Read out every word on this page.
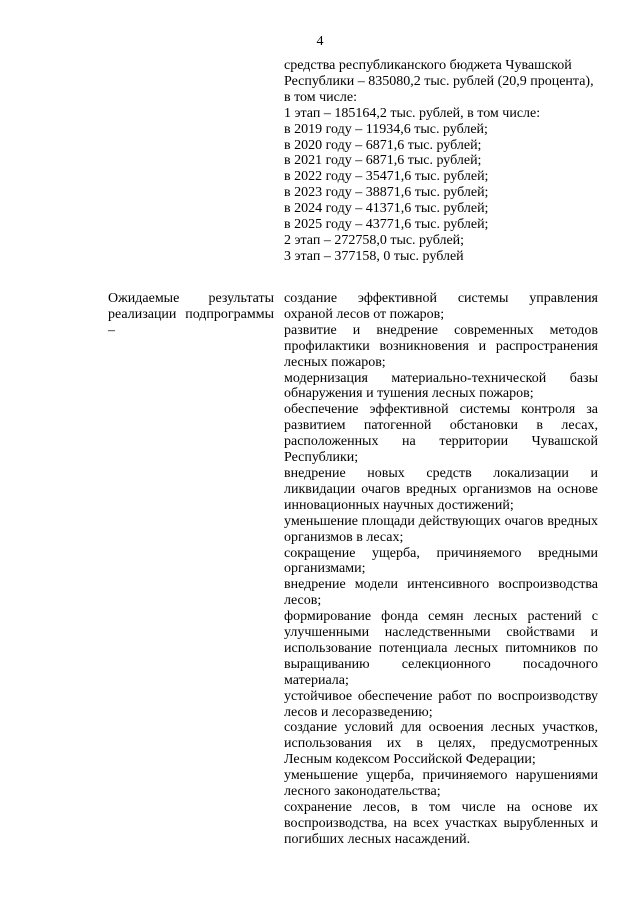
4
средства республиканского бюджета Чувашской
Республики – 835080,2 тыс. рублей (20,9 процента),
в том числе:
1 этап – 185164,2 тыс. рублей, в том числе:
в 2019 году – 11934,6 тыс. рублей;
в 2020 году – 6871,6 тыс. рублей;
в 2021 году – 6871,6 тыс. рублей;
в 2022 году – 35471,6 тыс. рублей;
в 2023 году – 38871,6 тыс. рублей;
в 2024 году – 41371,6 тыс. рублей;
в 2025 году – 43771,6 тыс. рублей;
2 этап – 272758,0 тыс. рублей;
3 этап – 377158, 0 тыс. рублей
Ожидаемые результаты реализации подпрограммы –
создание эффективной системы управления охраной лесов от пожаров;
развитие и внедрение современных методов профилактики возникновения и распространения лесных пожаров;
модернизация материально-технической базы обнаружения и тушения лесных пожаров;
обеспечение эффективной системы контроля за развитием патогенной обстановки в лесах, расположенных на территории Чувашской Республики;
внедрение новых средств локализации и ликвидации очагов вредных организмов на основе инновационных научных достижений;
уменьшение площади действующих очагов вредных организмов в лесах;
сокращение ущерба, причиняемого вредными организмами;
внедрение модели интенсивного воспроизводства лесов;
формирование фонда семян лесных растений с улучшенными наследственными свойствами и использование потенциала лесных питомников по выращиванию селекционного посадочного материала;
устойчивое обеспечение работ по воспроизводству лесов и лесоразведению;
создание условий для освоения лесных участков, использования их в целях, предусмотренных Лесным кодексом Российской Федерации;
уменьшение ущерба, причиняемого нарушениями лесного законодательства;
сохранение лесов, в том числе на основе их воспроизводства, на всех участках вырубленных и погибших лесных насаждений.
